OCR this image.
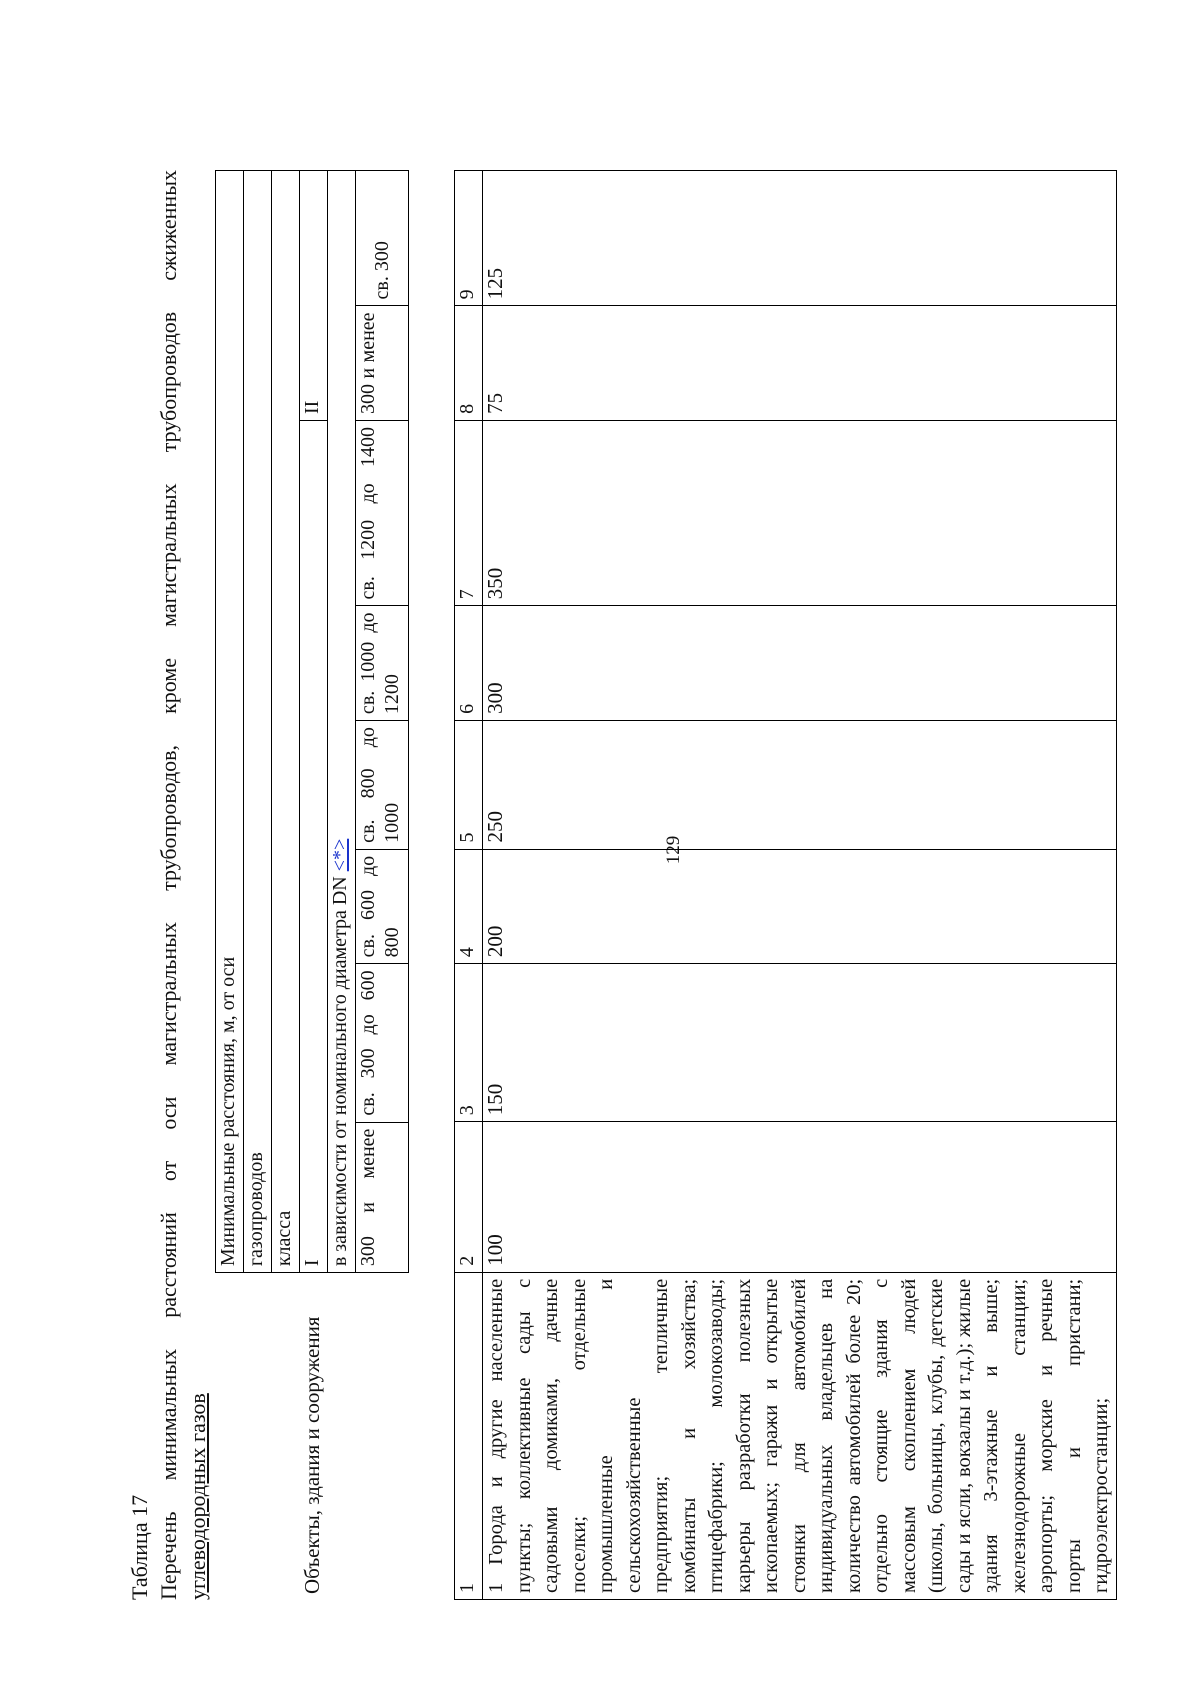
129
Таблица 17 Перечень минимальных расстояний от оси магистральных трубопроводов, кроме магистральных трубопроводов сжиженных углеводородных газов	Объекты, здания и сооружения	Минимальные расстояния, м, от оси							
	газопроводов							
	класса							
	I						II	
	в зависимости от номинального диаметра DN <*>							
	300 и менее	св. 300 до 600	св. 600 до 800	св. 800 до 1000	св. 1000 до 1200	св. 1200 до 1400	300 и менее	св. 300
1	2	3	4	5	6	7	8	9
1 Города и другие населенные пункты; коллективные сады с садовыми домиками, дачные поселки; отдельные промышленные и сельскохозяйственные предприятия; тепличные комбинаты и хозяйства; птицефабрики; молокозаводы; карьеры разработки полезных ископаемых; гаражи и открытые стоянки для автомобилей индивидуальных владельцев на количество автомобилей более 20; отдельно стоящие здания с массовым скоплением людей (школы, больницы, клубы, детские сады и ясли, вокзалы и т.д.); жилые здания 3-этажные и выше; железнодорожные станции; аэропорты; морские и речные порты и пристани; гидроэлектростанции;	100	150	200	250	300	350	75	125
